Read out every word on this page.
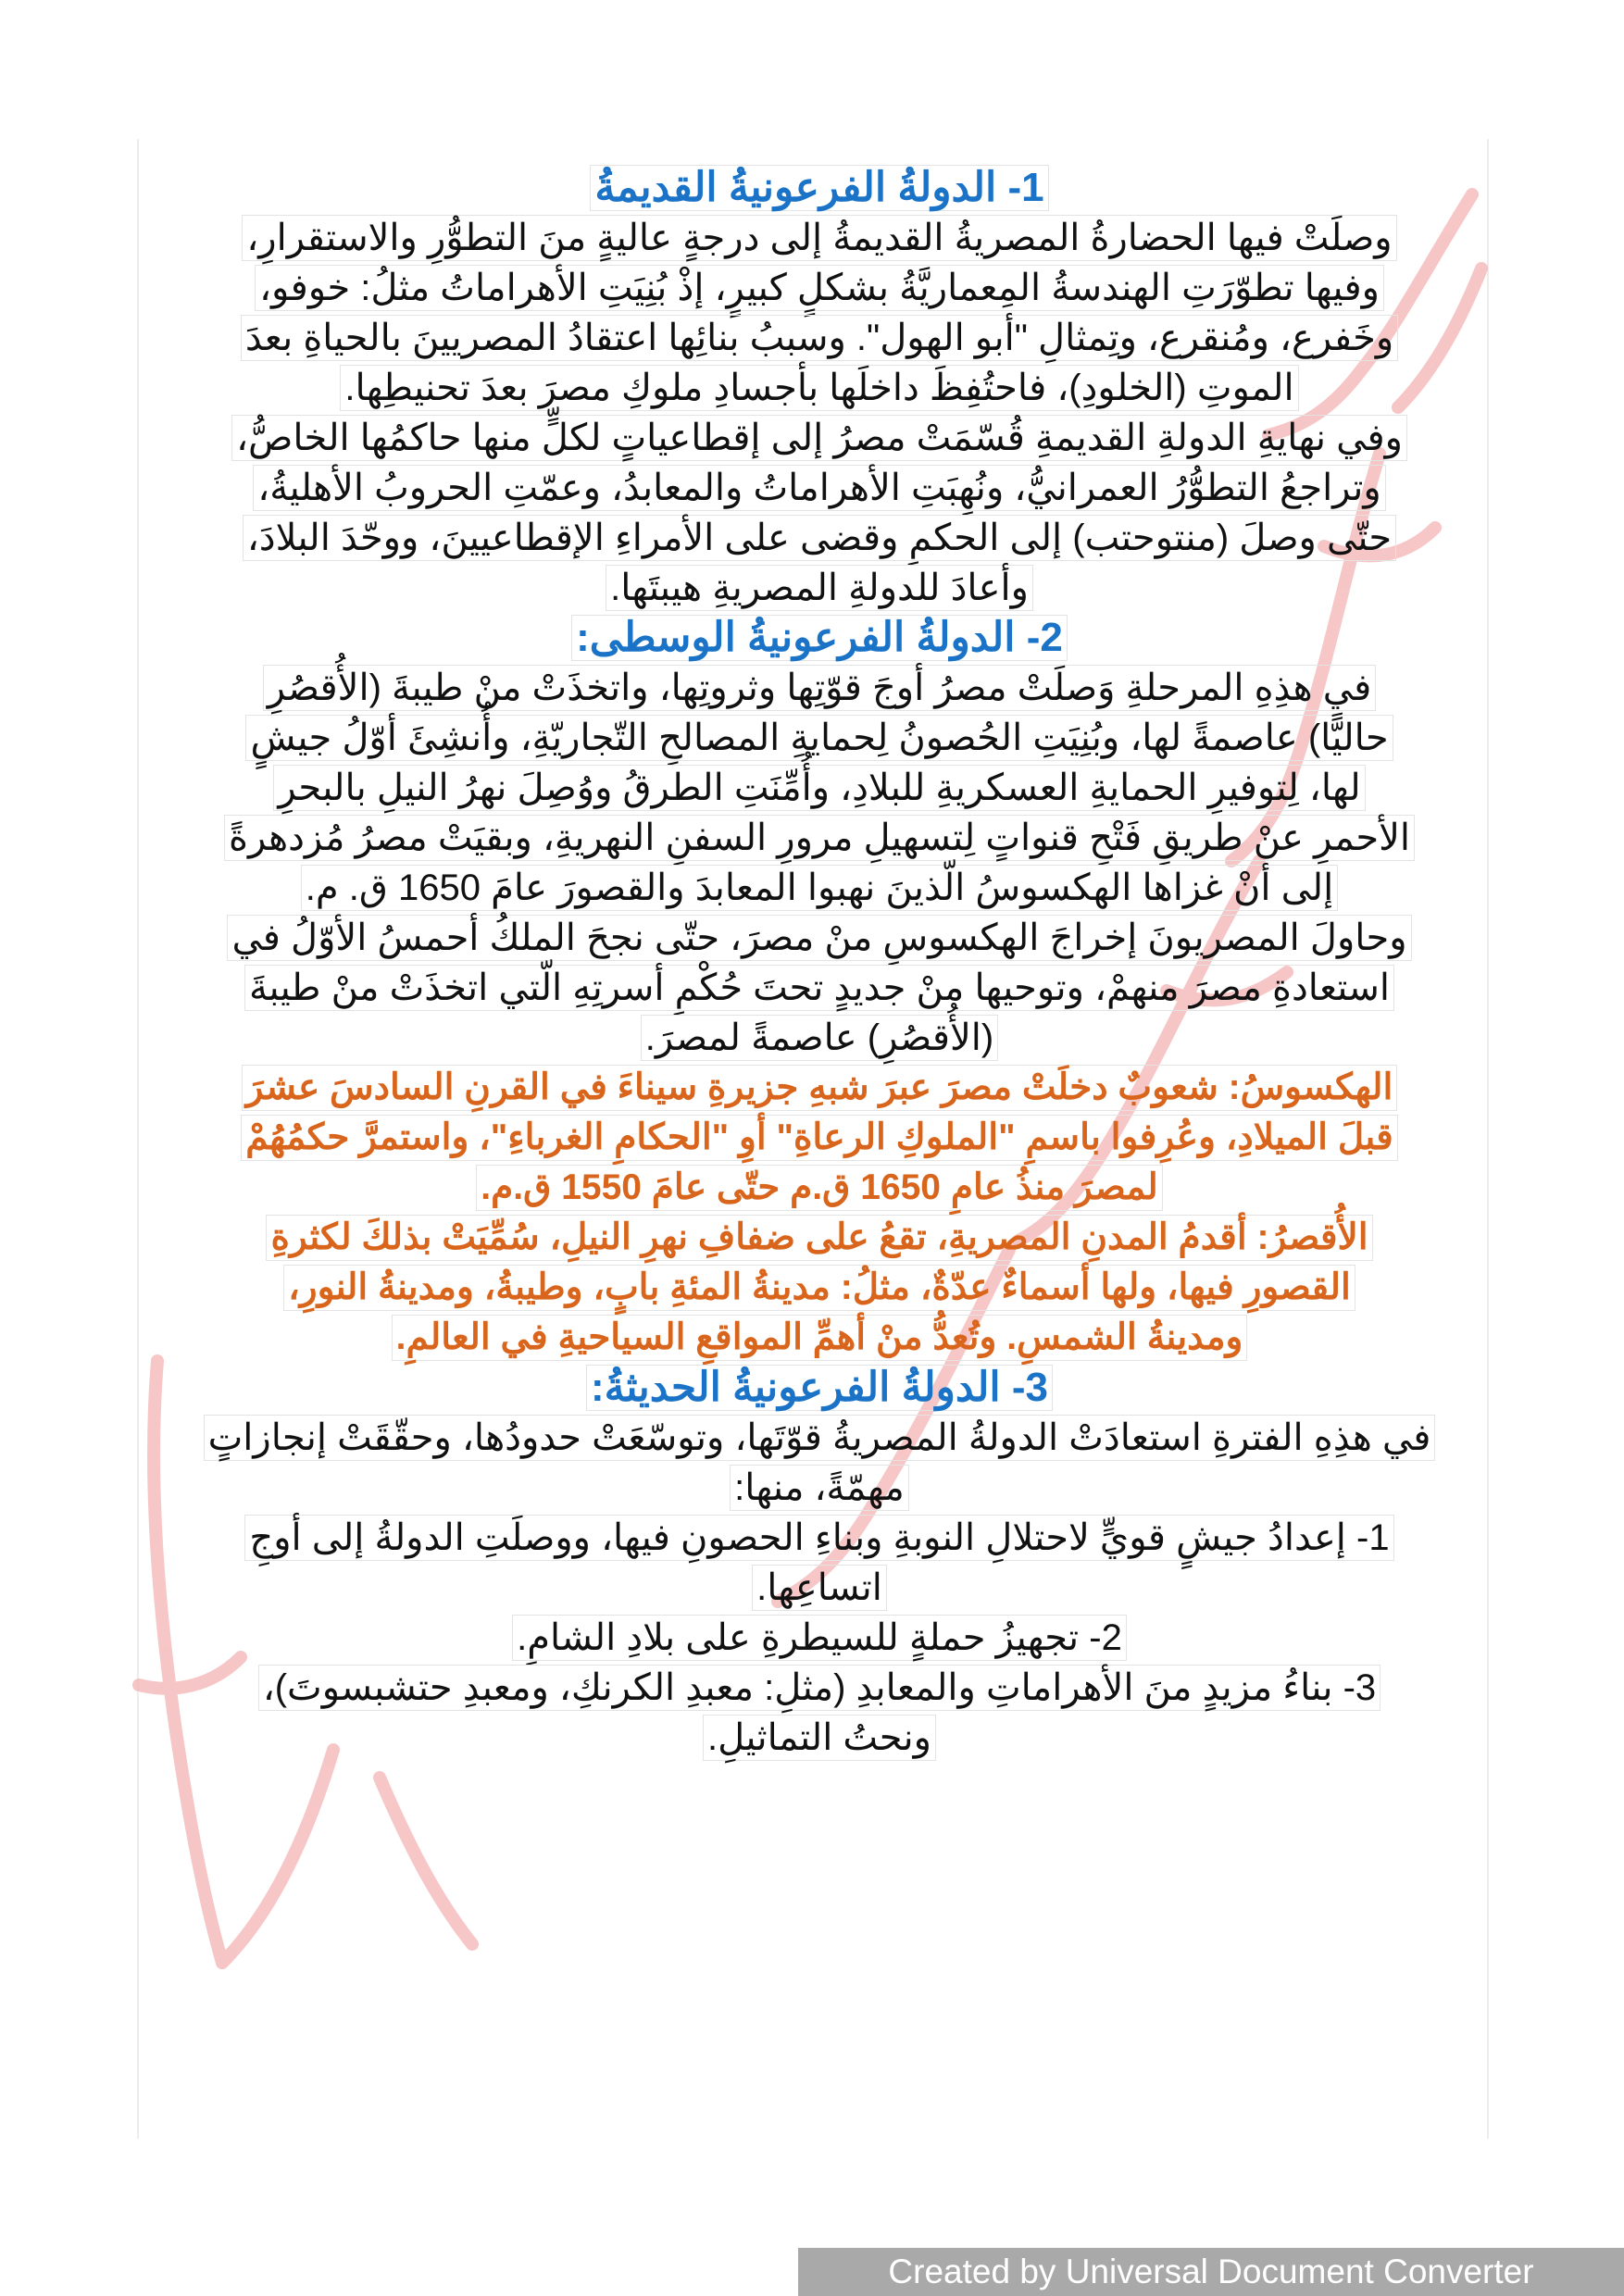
1- الدولةُ الفرعونيةُ القديمةُ
وصلَتْ فيها الحضارةُ المصريةُ القديمةُ إلى درجةٍ عاليةٍ منَ التطوُّرِ والاستقرارِ،
وفيها تطوّرَتِ الهندسةُ المِعماريَّةُ بشكلٍ كبيرٍ، إذْ بُنِيَتِ الأهراماتُ مثلُ: خوفو،
وخَفرع، ومُنقرع، وتِمثالِ "أبو الهول". وسببُ بنائِها اعتقادُ المصريينَ بالحياةِ بعدَ
الموتِ (الخلودِ)، فاحتُفِظَ داخلَها بأجسادِ ملوكِ مصرَ بعدَ تحنيطِها.
وفي نهايةِ الدولةِ القديمةِ قُسّمَتْ مصرُ إلى إقطاعياتٍ لكلٍّ منها حاكمُها الخاصُّ،
وتراجعُ التطوُّرُ العمرانيُّ، ونُهِبَتِ الأهراماتُ والمعابدُ، وعمّتِ الحروبُ الأهليةُ،
حتّى وصلَ (منتوحتب) إلى الحكمِ وقضى على الأمراءِ الإقطاعيينَ، ووحّدَ البلادَ،
وأعادَ للدولةِ المصريةِ هيبتَها.
2- الدولةُ الفرعونيةُ الوسطى:
في هذِهِ المرحلةِ وَصلَتْ مصرُ أوجَ قوّتِها وثروتِها، واتخذَتْ منْ طيبةَ (الأُقصُرِ
حاليًّا) عاصمةً لها، وبُنِيَتِ الحُصونُ لِحمايةِ المصالحِ التّجاريّةِ، وأُنشِئَ أوّلُ جيشٍ
لها، لِتوفيرِ الحمايةِ العسكريةِ للبلادِ، وأُمِّنَتِ الطرقُ ووُصِلَ نهرُ النيلِ بالبحرِ
الأحمرِ عنْ طريقِ فَتْحِ قنواتٍ لِتسهيلِ مرورِ السفنِ النهريةِ، وبقيَتْ مصرُ مُزدهرةً
إلى أنْ غزاها الهكسوسُ الّذينَ نهبوا المعابدَ والقصورَ عامَ 1650 ق. م.
وحاولَ المصريونَ إخراجَ الهكسوسِ منْ مصرَ، حتّى نجحَ الملكُ أحمسُ الأوّلُ في
استعادةِ مصرَ منهمْ، وتوحيها منْ جديدٍ تحتَ حُكْمِ أسرتِهِ الّتي اتخذَتْ منْ طيبةَ
(الأُقصُرِ) عاصمةً لمصرَ.
الهكسوسُ: شعوبٌ دخلَتْ مصرَ عبرَ شبهِ جزيرةِ سيناءَ في القرنِ السادسَ عشرَ
قبلَ الميلادِ، وعُرِفوا باسمِ "الملوكِ الرعاةِ" أوِ "الحكامِ الغرباءِ"، واستمرَّ حكمُهُمْ
لمصرَ منذُ عامِ 1650 ق.م حتّى عامَ 1550 ق.م.
الأُقصرُ: أقدمُ المدنِ المصريةِ، تقعُ على ضفافِ نهرِ النيلِ، سُمِّيَتْ بذلكَ لكثرةِ
القصورِ فيها، ولها أسماءٌ عدّةٌ، مثلُ: مدينةُ المئةِ بابٍ، وطيبةُ، ومدينةُ النورِ،
ومدينةُ الشمسِ. وتُعدُّ منْ أهمِّ المواقعِ السياحيةِ في العالمِ.
3- الدولةُ الفرعونيةُ الحديثةُ:
في هذِهِ الفترةِ استعادَتْ الدولةُ المصريةُ قوّتَها، وتوسّعَتْ حدودُها، وحقّقَتْ إنجازاتٍ
مهمّةً، منها:
1- إعدادُ جيشٍ قويٍّ لاحتلالِ النوبةِ وبناءِ الحصونِ فيها، ووصلَتِ الدولةُ إلى أوجِ
اتساعِها.
2- تجهيزُ حملةٍ للسيطرةِ على بلادِ الشامِ.
3- بناءُ مزيدٍ منَ الأهراماتِ والمعابدِ (مثلِ: معبدِ الكرنكِ، ومعبدِ حتشبسوتَ)،
ونحتُ التماثيلِ.
Created by Universal Document Converter
